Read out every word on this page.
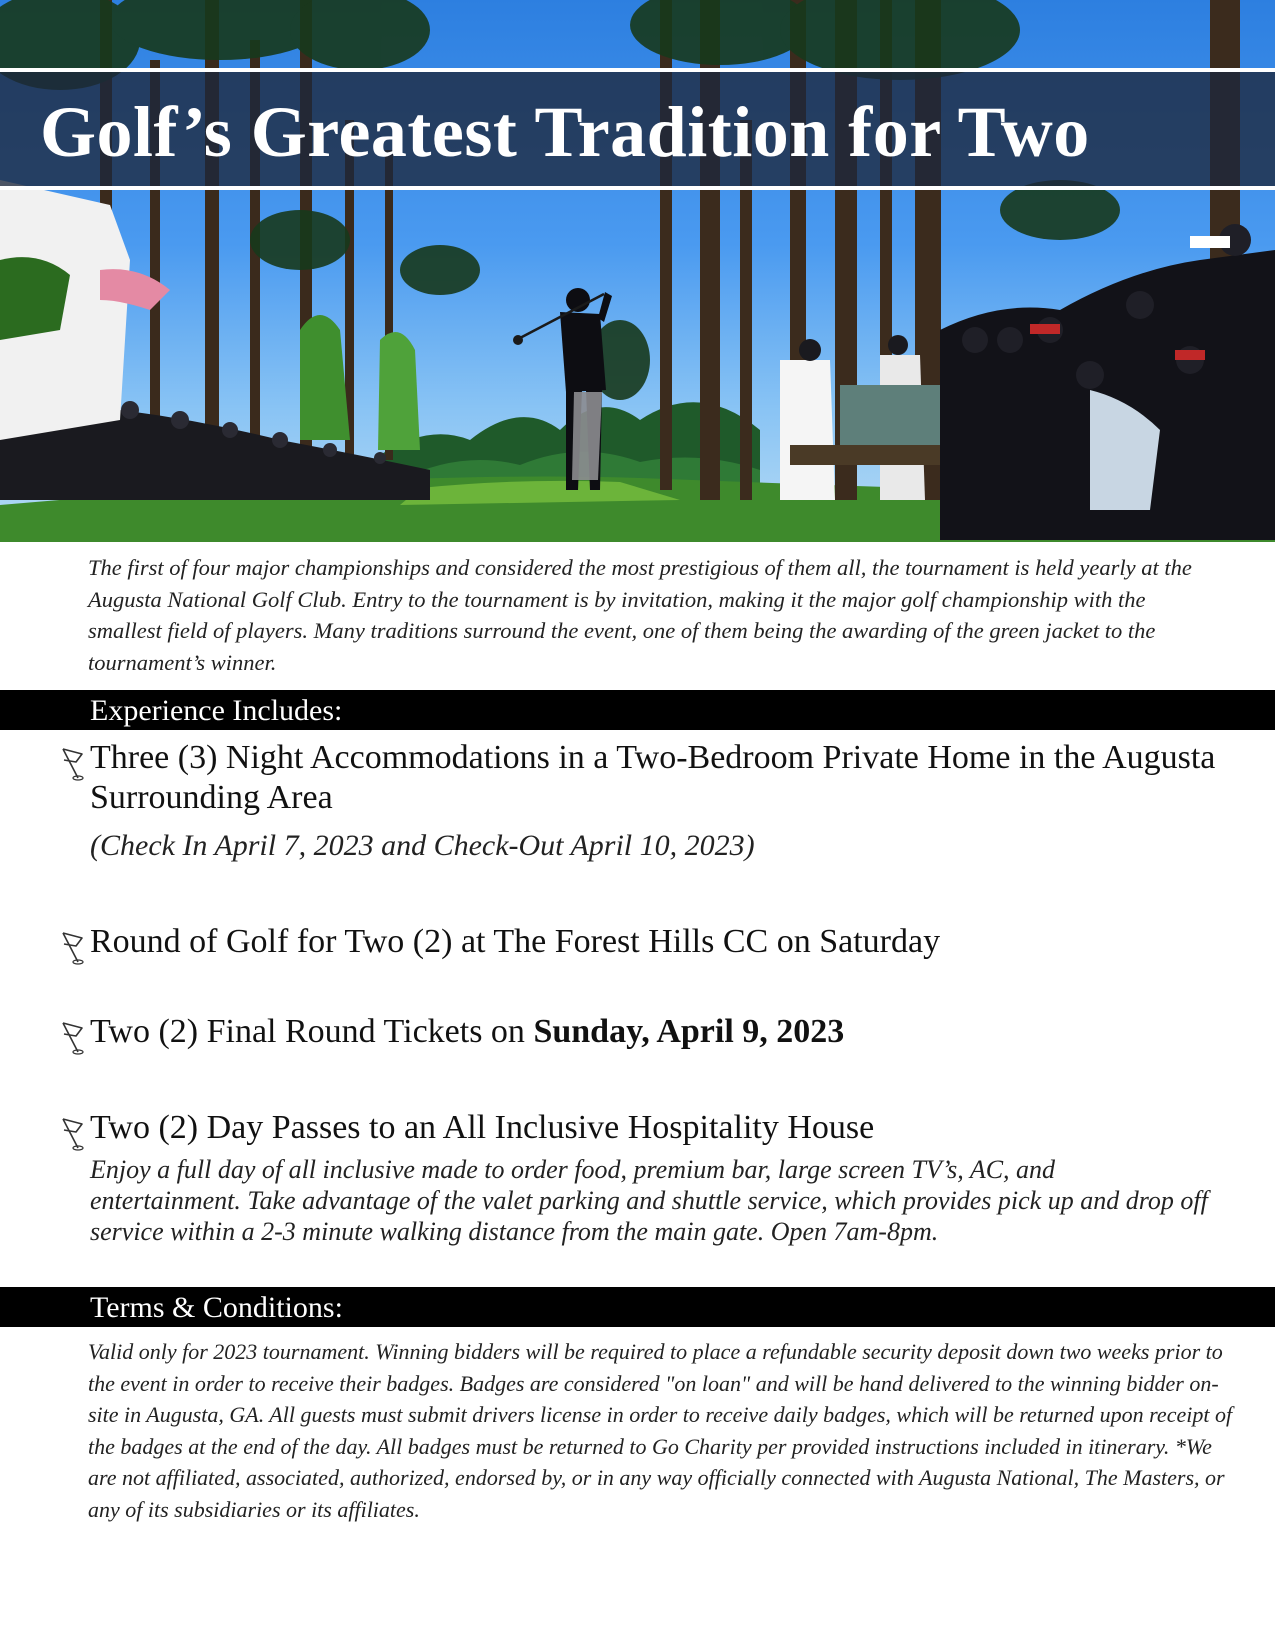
Golf’s Greatest Tradition for Two

The first of four major championships and considered the most prestigious of them all, the tournament is held yearly at the Augusta National Golf Club. Entry to the tournament is by invitation, making it the major golf championship with the smallest field of players. Many traditions surround the event, one of them being the awarding of the green jacket to the tournament’s winner.

Experience Includes:

Three (3) Night Accommodations in a Two-Bedroom Private Home in the Augusta Surrounding Area

(Check In April 7, 2023 and Check-Out April 10, 2023)

Round of Golf for Two (2) at The Forest Hills CC on Saturday

Two (2) Final Round Tickets on Sunday, April 9, 2023

Two (2) Day Passes to an All Inclusive Hospitality House

Enjoy a full day of all inclusive made to order food, premium bar, large screen TV’s, AC, and entertainment. Take advantage of the valet parking and shuttle service, which provides pick up and drop off service within a 2-3 minute walking distance from the main gate. Open 7am-8pm.

Terms & Conditions:

Valid only for 2023 tournament. Winning bidders will be required to place a refundable security deposit down two weeks prior to the event in order to receive their badges. Badges are considered "on loan" and will be hand delivered to the winning bidder on-site in Augusta, GA. All guests must submit drivers license in order to receive daily badges, which will be returned upon receipt of the badges at the end of the day. All badges must be returned to Go Charity per provided instructions included in itinerary. *We are not affiliated, associated, authorized, endorsed by, or in any way officially connected with Augusta National, The Masters, or any of its subsidiaries or its affiliates.
